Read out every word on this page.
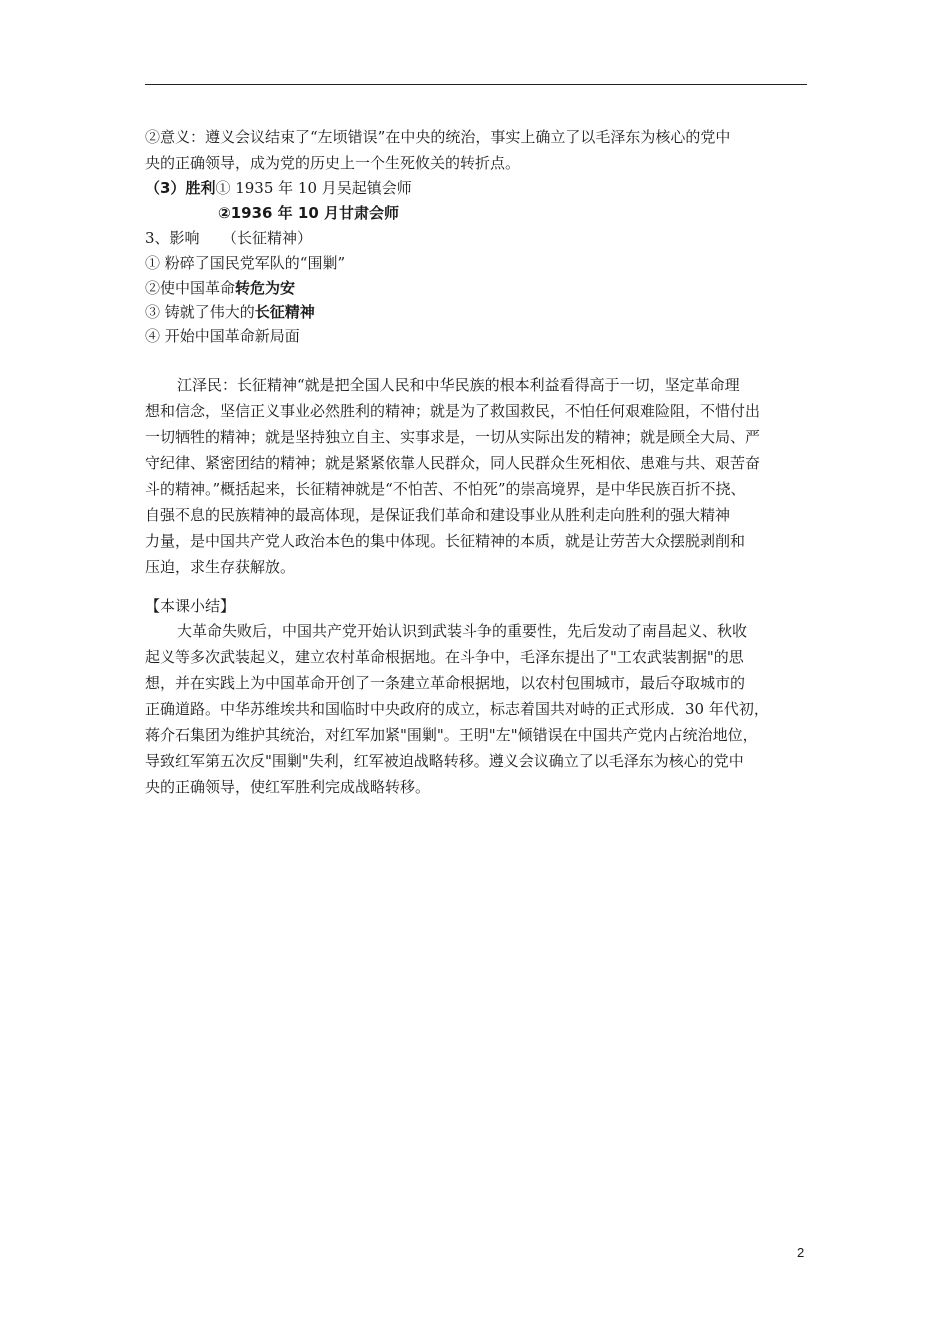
②意义：遵义会议结束了“左顷错误”在中央的统治，事实上确立了以毛泽东为核心的党中
央的正确领导，成为党的历史上一个生死攸关的转折点。
（3）胜利① 1935 年 10 月吴起镇会师
②1936 年 10 月甘肃会师
3、影响　　（长征精神）
① 粉碎了国民党军队的“围剿”
②使中国革命转危为安
③ 铸就了伟大的长征精神
④ 开始中国革命新局面
江泽民：长征精神“就是把全国人民和中华民族的根本利益看得高于一切，坚定革命理
想和信念，坚信正义事业必然胜利的精神；就是为了救国救民，不怕任何艰难险阻，不惜付出
一切牺牲的精神；就是坚持独立自主、实事求是，一切从实际出发的精神；就是顾全大局、严
守纪律、紧密团结的精神；就是紧紧依靠人民群众，同人民群众生死相依、患难与共、艰苦奋
斗的精神。”概括起来，长征精神就是“不怕苦、不怕死”的崇高境界，是中华民族百折不挠、
自强不息的民族精神的最高体现，是保证我们革命和建设事业从胜利走向胜利的强大精神
力量，是中国共产党人政治本色的集中体现。长征精神的本质，就是让劳苦大众摆脱剥削和
压迫，求生存获解放。
【本课小结】
大革命失败后，中国共产党开始认识到武装斗争的重要性，先后发动了南昌起义、秋收
起义等多次武装起义，建立农村革命根据地。在斗争中，毛泽东提出了"工农武装割据"的思
想，并在实践上为中国革命开创了一条建立革命根据地，以农村包围城市，最后夺取城市的
正确道路。中华苏维埃共和国临时中央政府的成立，标志着国共对峙的正式形成．30 年代初，
蒋介石集团为维护其统治，对红军加紧"围剿"。王明"左"倾错误在中国共产党内占统治地位，
导致红军第五次反"围剿"失利，红军被迫战略转移。遵义会议确立了以毛泽东为核心的党中
央的正确领导，使红军胜利完成战略转移。
2
